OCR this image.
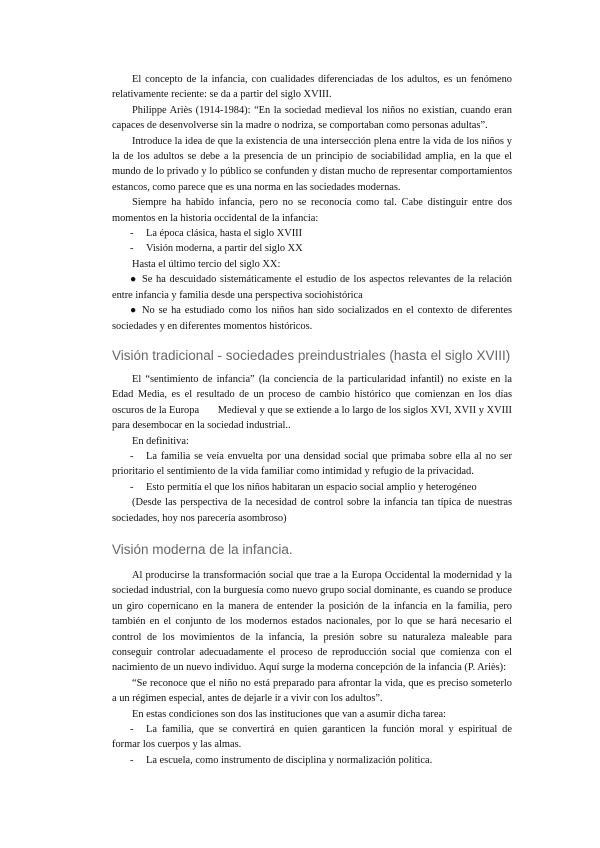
El concepto de la infancia, con cualidades diferenciadas de los adultos, es un fenómeno relativamente reciente: se da a partir del siglo XVIII.

Philippe Ariès (1914-1984): “En la sociedad medieval los niños no existían, cuando eran capaces de desenvolverse sin la madre o nodriza, se comportaban como personas adultas”.

Introduce la idea de que la existencia de una intersección plena entre la vida de los niños y la de los adultos se debe a la presencia de un principio de sociabilidad amplia, en la que el mundo de lo privado y lo público se confunden y distan mucho de representar comportamientos estancos, como parece que es una norma en las sociedades modernas.

Siempre ha habido infancia, pero no se reconocía como tal. Cabe distinguir entre dos momentos en la historia occidental de la infancia:

- La época clásica, hasta el siglo XVIII
- Visión moderna, a partir del siglo XX

Hasta el último tercio del siglo XX:

● Se ha descuidado sistemáticamente el estudio de los aspectos relevantes de la relación entre infancia y familia desde una perspectiva sociohistórica
● No se ha estudiado como los niños han sido socializados en el contexto de diferentes sociedades y en diferentes momentos históricos.
Visión tradicional - sociedades preindustriales (hasta el siglo XVIII)

El “sentimiento de infancia” (la conciencia de la particularidad infantil) no existe en la Edad Media, es el resultado de un proceso de cambio histórico que comienzan en los días oscuros de la Europa       Medieval y que se extiende a lo largo de los siglos XVI, XVII y XVIII para desembocar en la sociedad industrial..

En definitiva:

- La familia se veía envuelta por una densidad social que primaba sobre ella al no ser prioritario el sentimiento de la vida familiar como intimidad y refugio de la privacidad.
- Esto permitía el que los niños habitaran un espacio social amplio y heterogéneo

(Desde las perspectiva de la necesidad de control sobre la infancia tan típica de nuestras sociedades, hoy nos parecería asombroso)

Visión moderna de la infancia.

Al producirse la transformación social que trae a la Europa Occidental la modernidad y la sociedad industrial, con la burguesía como nuevo grupo social dominante, es cuando se produce un giro copernicano en la manera de entender la posición de la infancia en la familia, pero también en el conjunto de los modernos estados nacionales, por lo que se hará necesario el control de los movimientos de la infancia, la presión sobre su naturaleza maleable para conseguir controlar adecuadamente el proceso de reproducción social que comienza con el nacimiento de un nuevo individuo. Aquí surge la moderna concepción de la infancia (P. Ariès):

“Se reconoce que el niño no está preparado para afrontar la vida, que es preciso someterlo a un régimen especial, antes de dejarle ir a vivir con los adultos”.

En estas condiciones son dos las instituciones que van a asumir dicha tarea:

- La familia, que se convertirá en quien garanticen la función moral y espiritual de formar los cuerpos y las almas.
- La escuela, como instrumento de disciplina y normalización política.
